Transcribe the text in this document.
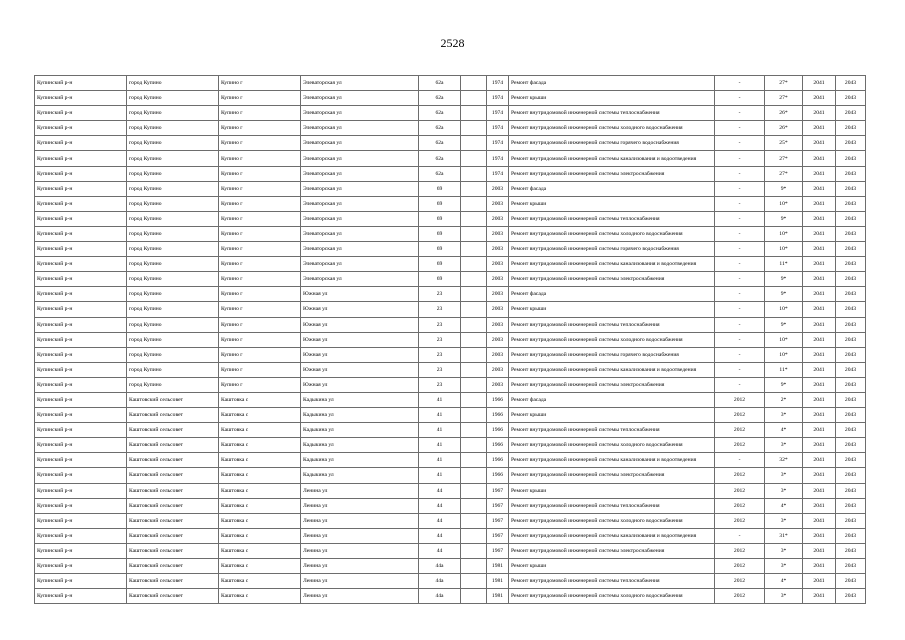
2528
Купинский р-н	город Купино	Купино г	Элеваторская ул	62а		1974	Ремонт фасада	-	27*	2041	2043
Купинский р-н	город Купино	Купино г	Элеваторская ул	62а		1974	Ремонт крыши	-	27*	2041	2043
Купинский р-н	город Купино	Купино г	Элеваторская ул	62а		1974	Ремонт внутридомовой инженерной системы теплоснабжения	-	26*	2041	2043
Купинский р-н	город Купино	Купино г	Элеваторская ул	62а		1974	Ремонт внутридомовой инженерной системы холодного водоснабжения	-	26*	2041	2043
Купинский р-н	город Купино	Купино г	Элеваторская ул	62а		1974	Ремонт внутридомовой инженерной системы горячего водоснабжения	-	25*	2041	2043
Купинский р-н	город Купино	Купино г	Элеваторская ул	62а		1974	Ремонт внутридомовой инженерной системы канализования и водоотведения	-	27*	2041	2043
Купинский р-н	город Купино	Купино г	Элеваторская ул	62а		1974	Ремонт внутридомовой инженерной системы электроснабжения	-	27*	2041	2043
Купинский р-н	город Купино	Купино г	Элеваторская ул	69		2003	Ремонт фасада	-	9*	2041	2043
Купинский р-н	город Купино	Купино г	Элеваторская ул	69		2003	Ремонт крыши	-	10*	2041	2043
Купинский р-н	город Купино	Купино г	Элеваторская ул	69		2003	Ремонт внутридомовой инженерной системы теплоснабжения	-	9*	2041	2043
Купинский р-н	город Купино	Купино г	Элеваторская ул	69		2003	Ремонт внутридомовой инженерной системы холодного водоснабжения	-	10*	2041	2043
Купинский р-н	город Купино	Купино г	Элеваторская ул	69		2003	Ремонт внутридомовой инженерной системы горячего водоснабжения	-	10*	2041	2043
Купинский р-н	город Купино	Купино г	Элеваторская ул	69		2003	Ремонт внутридомовой инженерной системы канализования и водоотведения	-	11*	2041	2043
Купинский р-н	город Купино	Купино г	Элеваторская ул	69		2003	Ремонт внутридомовой инженерной системы электроснабжения	-	9*	2041	2043
Купинский р-н	город Купино	Купино г	Южная ул	23		2003	Ремонт фасада	-	9*	2041	2043
Купинский р-н	город Купино	Купино г	Южная ул	23		2003	Ремонт крыши	-	10*	2041	2043
Купинский р-н	город Купино	Купино г	Южная ул	23		2003	Ремонт внутридомовой инженерной системы теплоснабжения	-	9*	2041	2043
Купинский р-н	город Купино	Купино г	Южная ул	23		2003	Ремонт внутридомовой инженерной системы холодного водоснабжения	-	10*	2041	2043
Купинский р-н	город Купино	Купино г	Южная ул	23		2003	Ремонт внутридомовой инженерной системы горячего водоснабжения	-	10*	2041	2043
Купинский р-н	город Купино	Купино г	Южная ул	23		2003	Ремонт внутридомовой инженерной системы канализования и водоотведения	-	11*	2041	2043
Купинский р-н	город Купино	Купино г	Южная ул	23		2003	Ремонт внутридомовой инженерной системы электроснабжения	-	9*	2041	2043
Купинский р-н	Каштовский сельсовет	Каштовка с	Кадыкина ул	41		1966	Ремонт фасада	2012	2*	2041	2043
Купинский р-н	Каштовский сельсовет	Каштовка с	Кадыкина ул	41		1966	Ремонт крыши	2012	3*	2041	2043
Купинский р-н	Каштовский сельсовет	Каштовка с	Кадыкина ул	41		1966	Ремонт внутридомовой инженерной системы теплоснабжения	2012	4*	2041	2043
Купинский р-н	Каштовский сельсовет	Каштовка с	Кадыкина ул	41		1966	Ремонт внутридомовой инженерной системы холодного водоснабжения	2012	3*	2041	2043
Купинский р-н	Каштовский сельсовет	Каштовка с	Кадыкина ул	41		1966	Ремонт внутридомовой инженерной системы канализования и водоотведения	-	32*	2041	2043
Купинский р-н	Каштовский сельсовет	Каштовка с	Кадыкина ул	41		1966	Ремонт внутридомовой инженерной системы электроснабжения	2012	3*	2041	2043
Купинский р-н	Каштовский сельсовет	Каштовка с	Ленина ул	44		1967	Ремонт крыши	2012	3*	2041	2043
Купинский р-н	Каштовский сельсовет	Каштовка с	Ленина ул	44		1967	Ремонт внутридомовой инженерной системы теплоснабжения	2012	4*	2041	2043
Купинский р-н	Каштовский сельсовет	Каштовка с	Ленина ул	44		1967	Ремонт внутридомовой инженерной системы холодного водоснабжения	2012	3*	2041	2043
Купинский р-н	Каштовский сельсовет	Каштовка с	Ленина ул	44		1967	Ремонт внутридомовой инженерной системы канализования и водоотведения	-	31*	2041	2043
Купинский р-н	Каштовский сельсовет	Каштовка с	Ленина ул	44		1967	Ремонт внутридомовой инженерной системы электроснабжения	2012	3*	2041	2043
Купинский р-н	Каштовский сельсовет	Каштовка с	Ленина ул	44а		1981	Ремонт крыши	2012	3*	2041	2043
Купинский р-н	Каштовский сельсовет	Каштовка с	Ленина ул	44а		1981	Ремонт внутридомовой инженерной системы теплоснабжения	2012	4*	2041	2043
Купинский р-н	Каштовский сельсовет	Каштовка с	Ленина ул	44а		1981	Ремонт внутридомовой инженерной системы холодного водоснабжения	2012	3*	2041	2043
